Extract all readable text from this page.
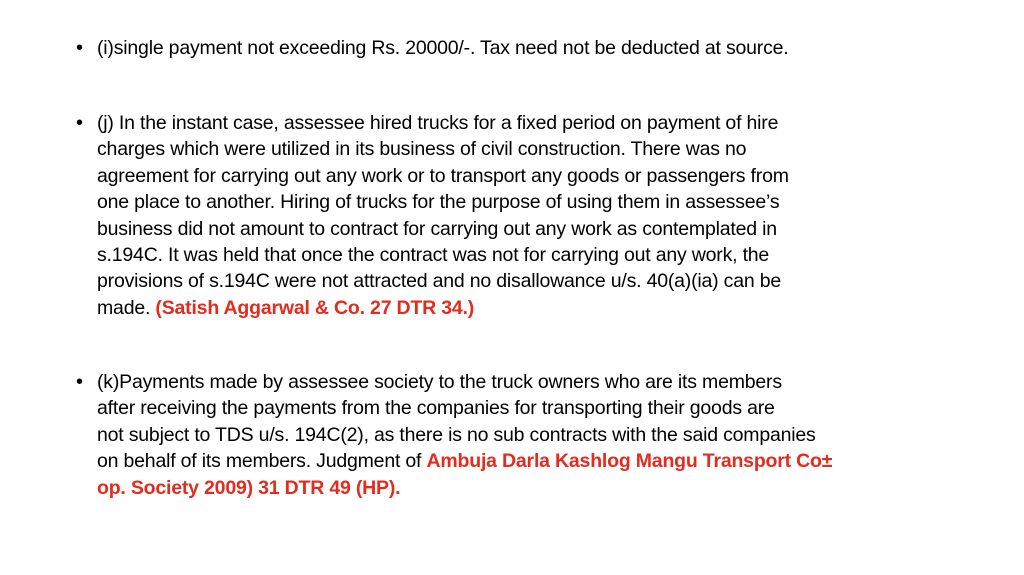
• (i)single payment not exceeding Rs. 20000/-. Tax need not be deducted at source.
• (j) In the instant case, assessee hired trucks for a fixed period on payment of hire
charges which were utilized in its business of civil construction. There was no
agreement for carrying out any work or to transport any goods or passengers from
one place to another. Hiring of trucks for the purpose of using them in assessee’s
business did not amount to contract for carrying out any work as contemplated in
s.194C. It was held that once the contract was not for carrying out any work, the
provisions of s.194C were not attracted and no disallowance u/s. 40(a)(ia) can be
made. (Satish Aggarwal & Co. 27 DTR 34.)
• (k)Payments made by assessee society to the truck owners who are its members
after receiving the payments from the companies for transporting their goods are
not subject to TDS u/s. 194C(2), as there is no sub contracts with the said companies
on behalf of its members. Judgment of Ambuja Darla Kashlog Mangu Transport Co±
op. Society 2009) 31 DTR 49 (HP).
